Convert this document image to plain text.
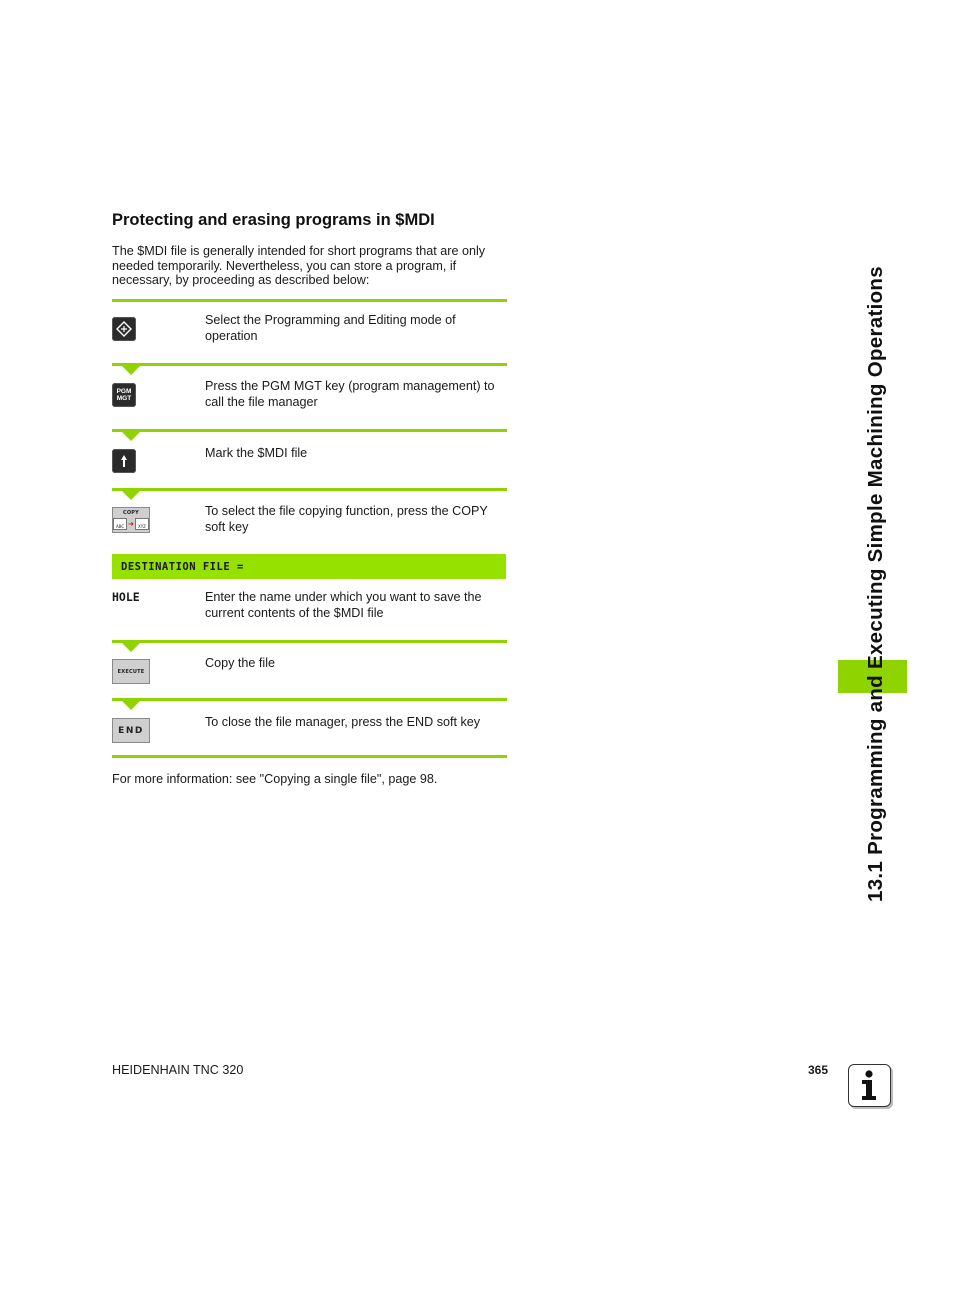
Protecting and erasing programs in $MDI

The $MDI file is generally intended for short programs that are only needed temporarily. Nevertheless, you can store a program, if necessary, by proceeding as described below:

Select the Programming and Editing mode of operation
PGM
MGT
Press the PGM MGT key (program management) to call the file manager
Mark the $MDI file
COPY
ABC ➜	XYZ
To select the file copying function, press the COPY soft key
DESTINATION FILE =
HOLE	Enter the name under which you want to save the current contents of the $MDI file
EXECUTE
Copy the file
END
To close the file manager, press the END soft key
For more information: see "Copying a single file", page 98.	13.1 Programming and Executing Simple Machining Operations
HEIDENHAIN TNC 320	365
